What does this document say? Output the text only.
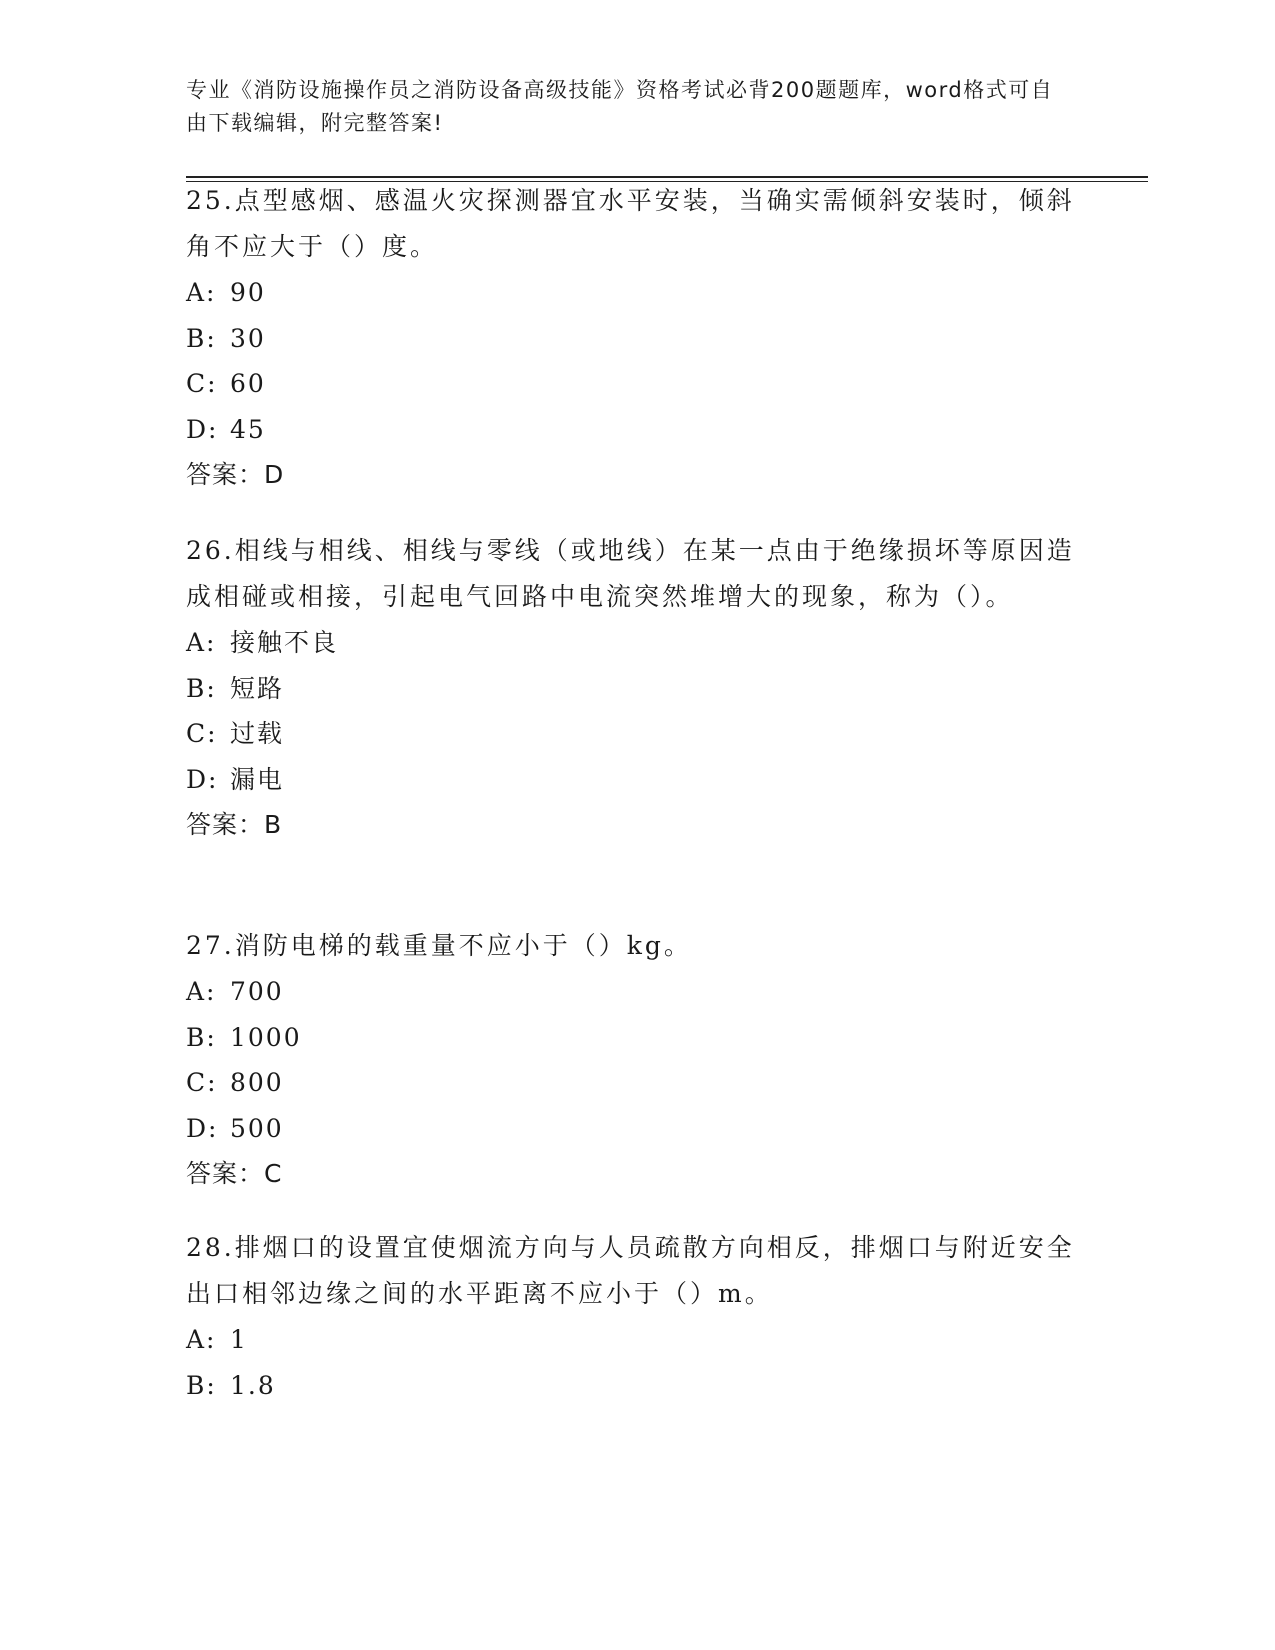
专业《消防设施操作员之消防设备高级技能》资格考试必背200题题库，word格式可自由下载编辑，附完整答案!
25.点型感烟、感温火灾探测器宜水平安装，当确实需倾斜安装时，倾斜角不应大于（）度。
A: 90
B: 30
C: 60
D: 45
答案：D
26.相线与相线、相线与零线（或地线）在某一点由于绝缘损坏等原因造成相碰或相接，引起电气回路中电流突然堆增大的现象，称为（）。
A: 接触不良
B: 短路
C: 过载
D: 漏电
答案：B
27.消防电梯的载重量不应小于（）kg。
A: 700
B: 1000
C: 800
D: 500
答案：C
28.排烟口的设置宜使烟流方向与人员疏散方向相反，排烟口与附近安全出口相邻边缘之间的水平距离不应小于（）m。
A: 1
B: 1.8
